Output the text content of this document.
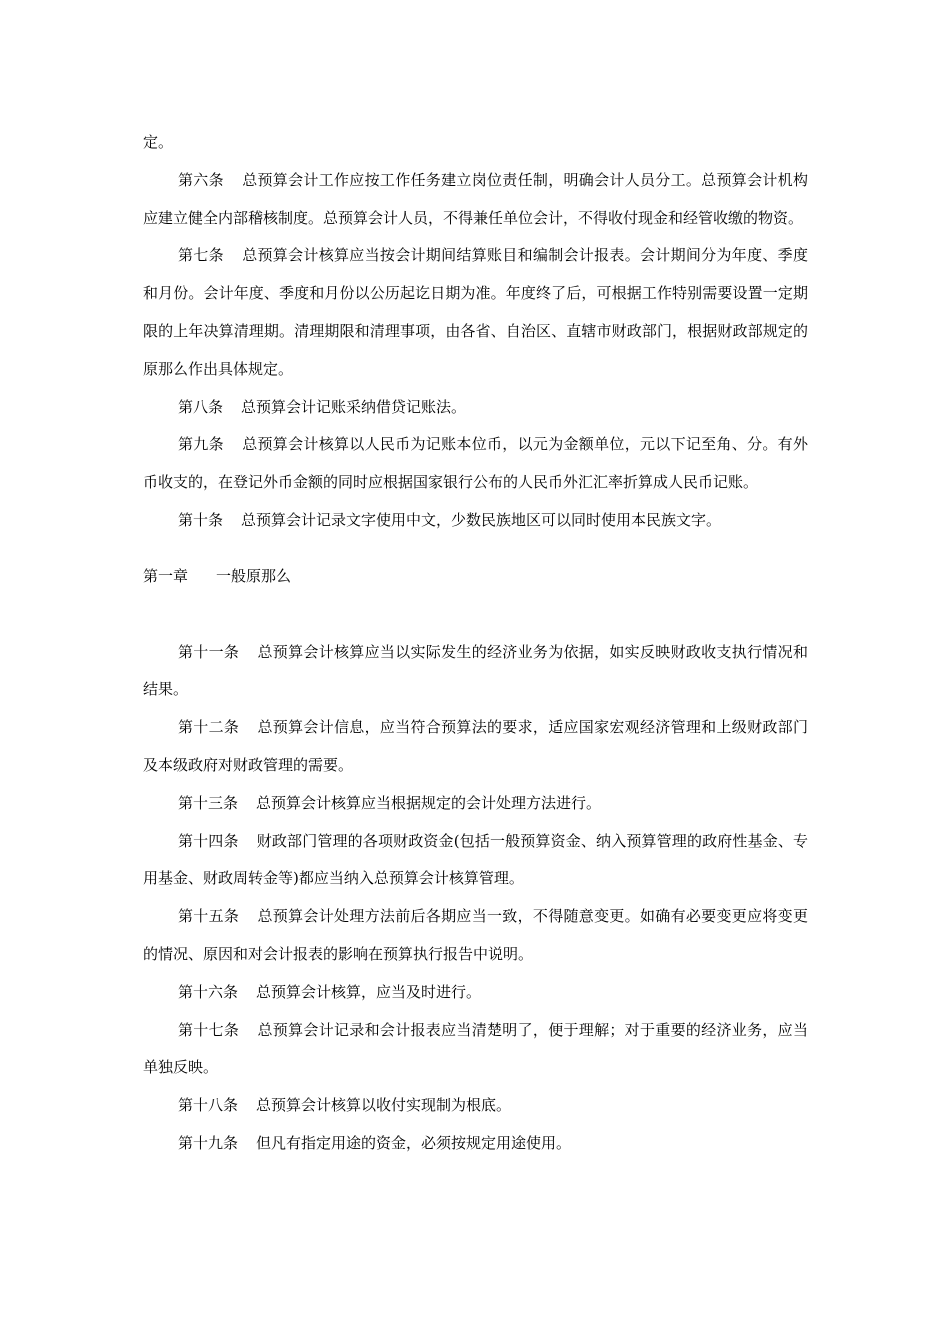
定。

第六条 总预算会计工作应按工作任务建立岗位责任制，明确会计人员分工。总预算会计机构应建立健全内部稽核制度。总预算会计人员，不得兼任单位会计，不得收付现金和经管收缴的物资。

第七条 总预算会计核算应当按会计期间结算账目和编制会计报表。会计期间分为年度、季度和月份。会计年度、季度和月份以公历起讫日期为准。年度终了后，可根据工作特别需要设置一定期限的上年决算清理期。清理期限和清理事项，由各省、自治区、直辖市财政部门，根据财政部规定的原那么作出具体规定。

第八条 总预算会计记账采纳借贷记账法。

第九条 总预算会计核算以人民币为记账本位币，以元为金额单位，元以下记至角、分。有外币收支的，在登记外币金额的同时应根据国家银行公布的人民币外汇汇率折算成人民币记账。

第十条 总预算会计记录文字使用中文，少数民族地区可以同时使用本民族文字。

第一章 一般原那么

第十一条 总预算会计核算应当以实际发生的经济业务为依据，如实反映财政收支执行情况和结果。

第十二条 总预算会计信息，应当符合预算法的要求，适应国家宏观经济管理和上级财政部门及本级政府对财政管理的需要。

第十三条 总预算会计核算应当根据规定的会计处理方法进行。

第十四条 财政部门管理的各项财政资金(包括一般预算资金、纳入预算管理的政府性基金、专用基金、财政周转金等)都应当纳入总预算会计核算管理。

第十五条 总预算会计处理方法前后各期应当一致，不得随意变更。如确有必要变更应将变更的情况、原因和对会计报表的影响在预算执行报告中说明。

第十六条 总预算会计核算，应当及时进行。

第十七条 总预算会计记录和会计报表应当清楚明了，便于理解；对于重要的经济业务，应当单独反映。

第十八条 总预算会计核算以收付实现制为根底。

第十九条 但凡有指定用途的资金，必须按规定用途使用。
